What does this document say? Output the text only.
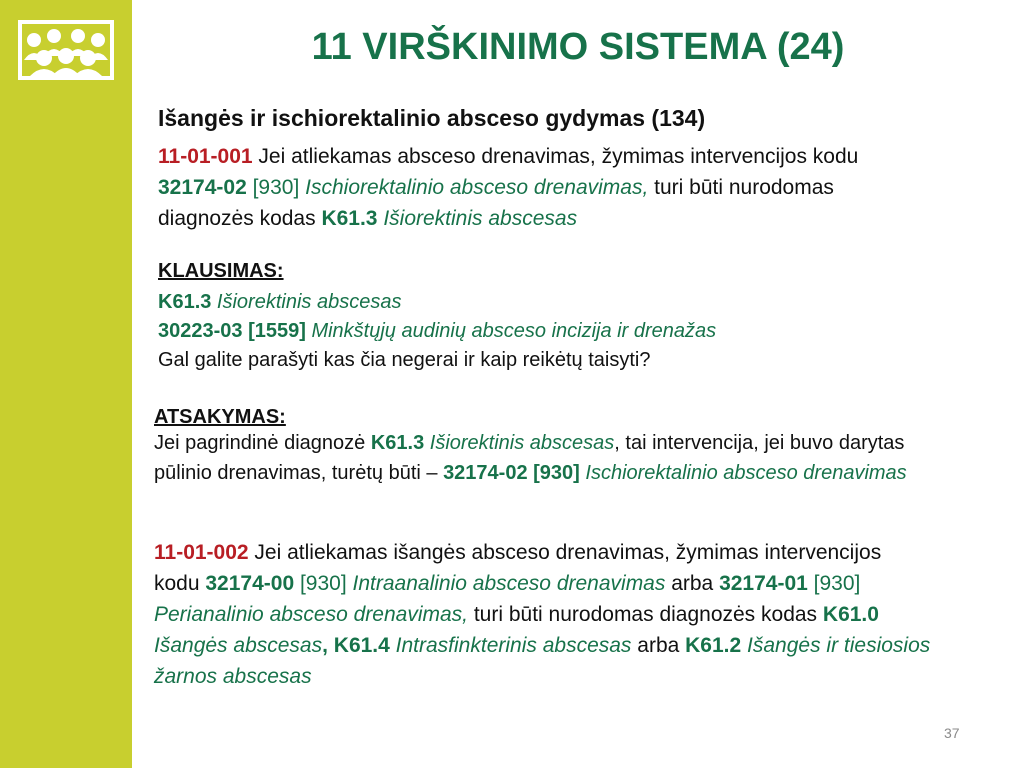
11 VIRŠKINIMO SISTEMA (24)
Išangės ir ischiorektalinio absceso gydymas (134)
11-01-001 Jei atliekamas absceso drenavimas, žymimas intervencijos kodu
32174-02 [930] Ischiorektalinio absceso drenavimas, turi būti nurodomas
diagnozės kodas K61.3 Išiorektinis abscesas
KLAUSIMAS:
K61.3 Išiorektinis abscesas
30223-03 [1559] Minkštųjų audinių absceso incizija ir drenažas
Gal galite parašyti kas čia negerai ir kaip reikėtų taisyti?
ATSAKYMAS:
Jei pagrindinė diagnozė K61.3 Išiorektinis abscesas, tai intervencija, jei buvo darytas
pūlinio drenavimas, turėtų būti – 32174-02 [930] Ischiorektalinio absceso drenavimas
11-01-002 Jei atliekamas išangės absceso drenavimas, žymimas intervencijos
kodu 32174-00 [930] Intraanalinio absceso drenavimas arba 32174-01 [930]
Perianalinio absceso drenavimas, turi būti nurodomas diagnozės kodas K61.0
Išangės abscesas, K61.4 Intrasfinkterinis abscesas arba K61.2 Išangės ir tiesiosios
žarnos abscesas
37
